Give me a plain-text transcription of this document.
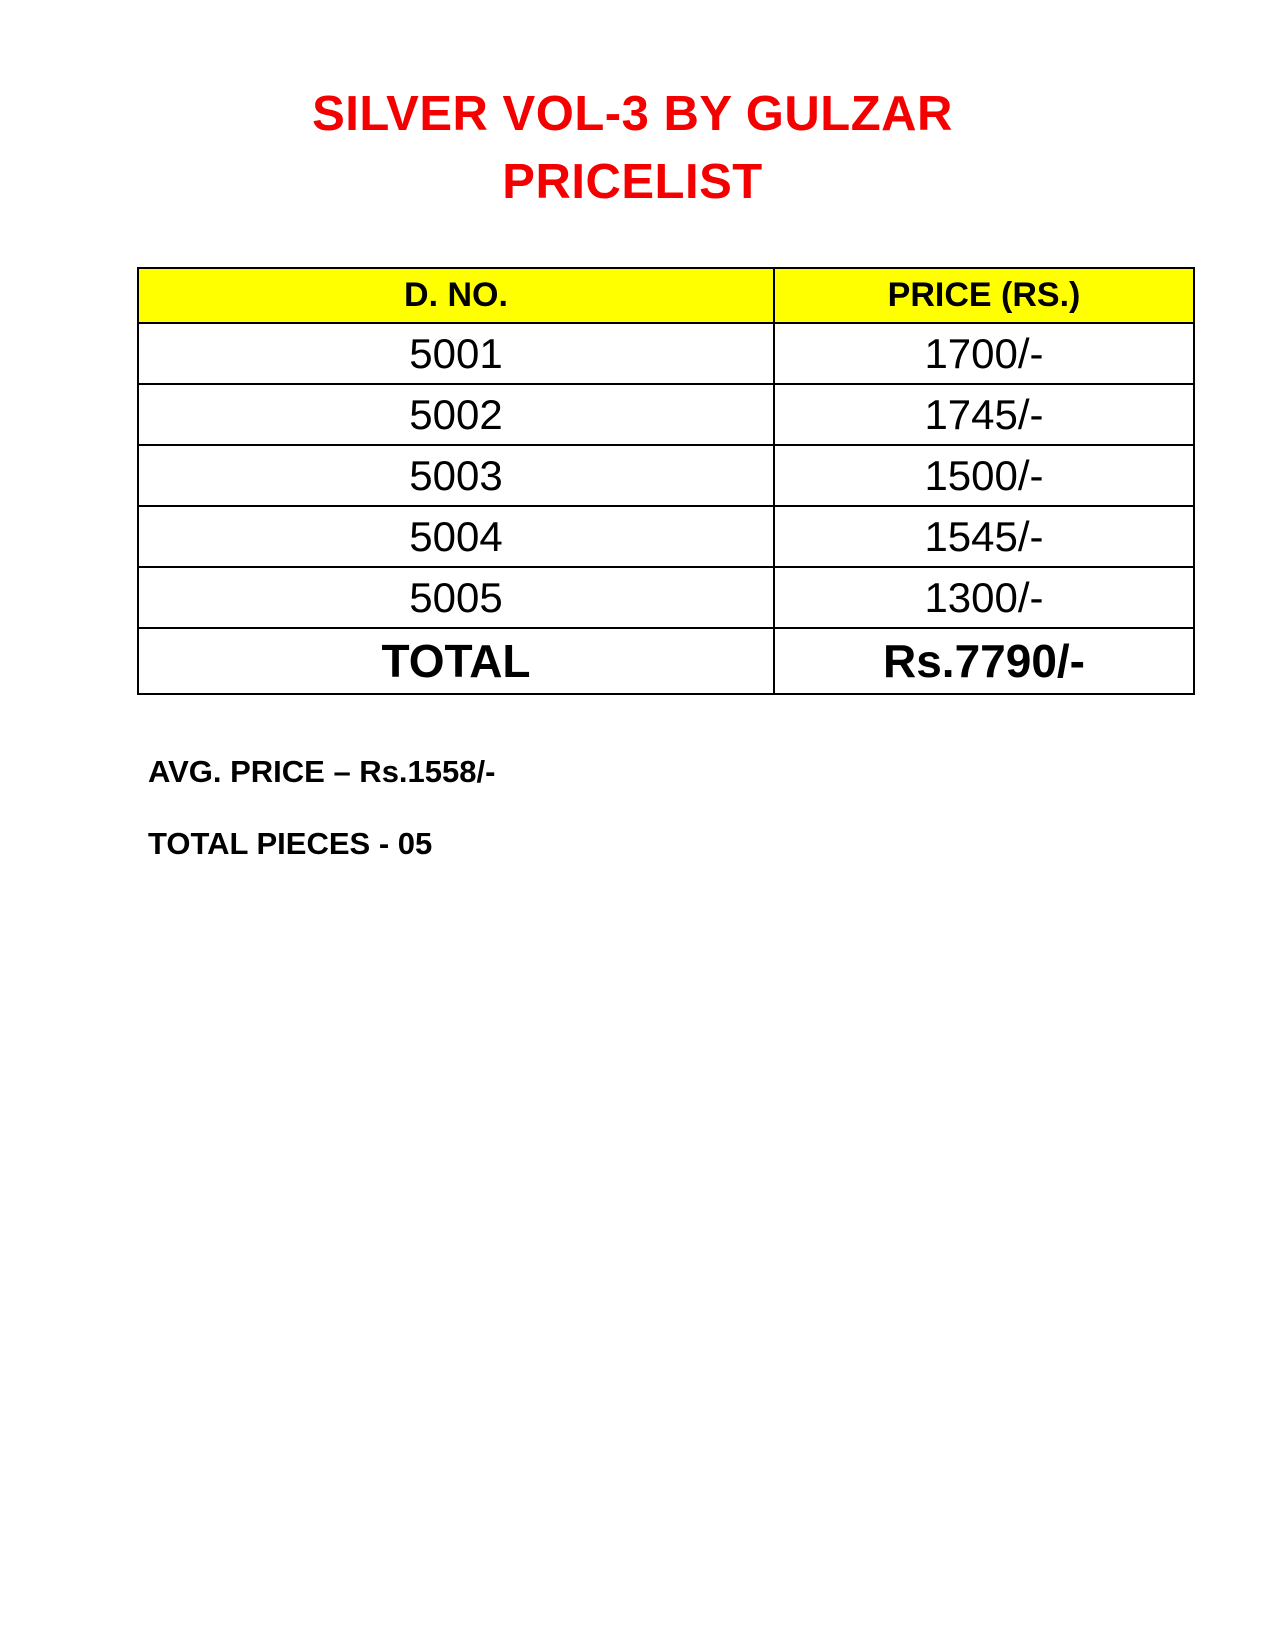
SILVER VOL-3 BY GULZAR
PRICELIST
D. NO.	PRICE (RS.)
5001	1700/-
5002	1745/-
5003	1500/-
5004	1545/-
5005	1300/-
TOTAL	Rs.7790/-
AVG. PRICE – Rs.1558/-
TOTAL PIECES - 05
